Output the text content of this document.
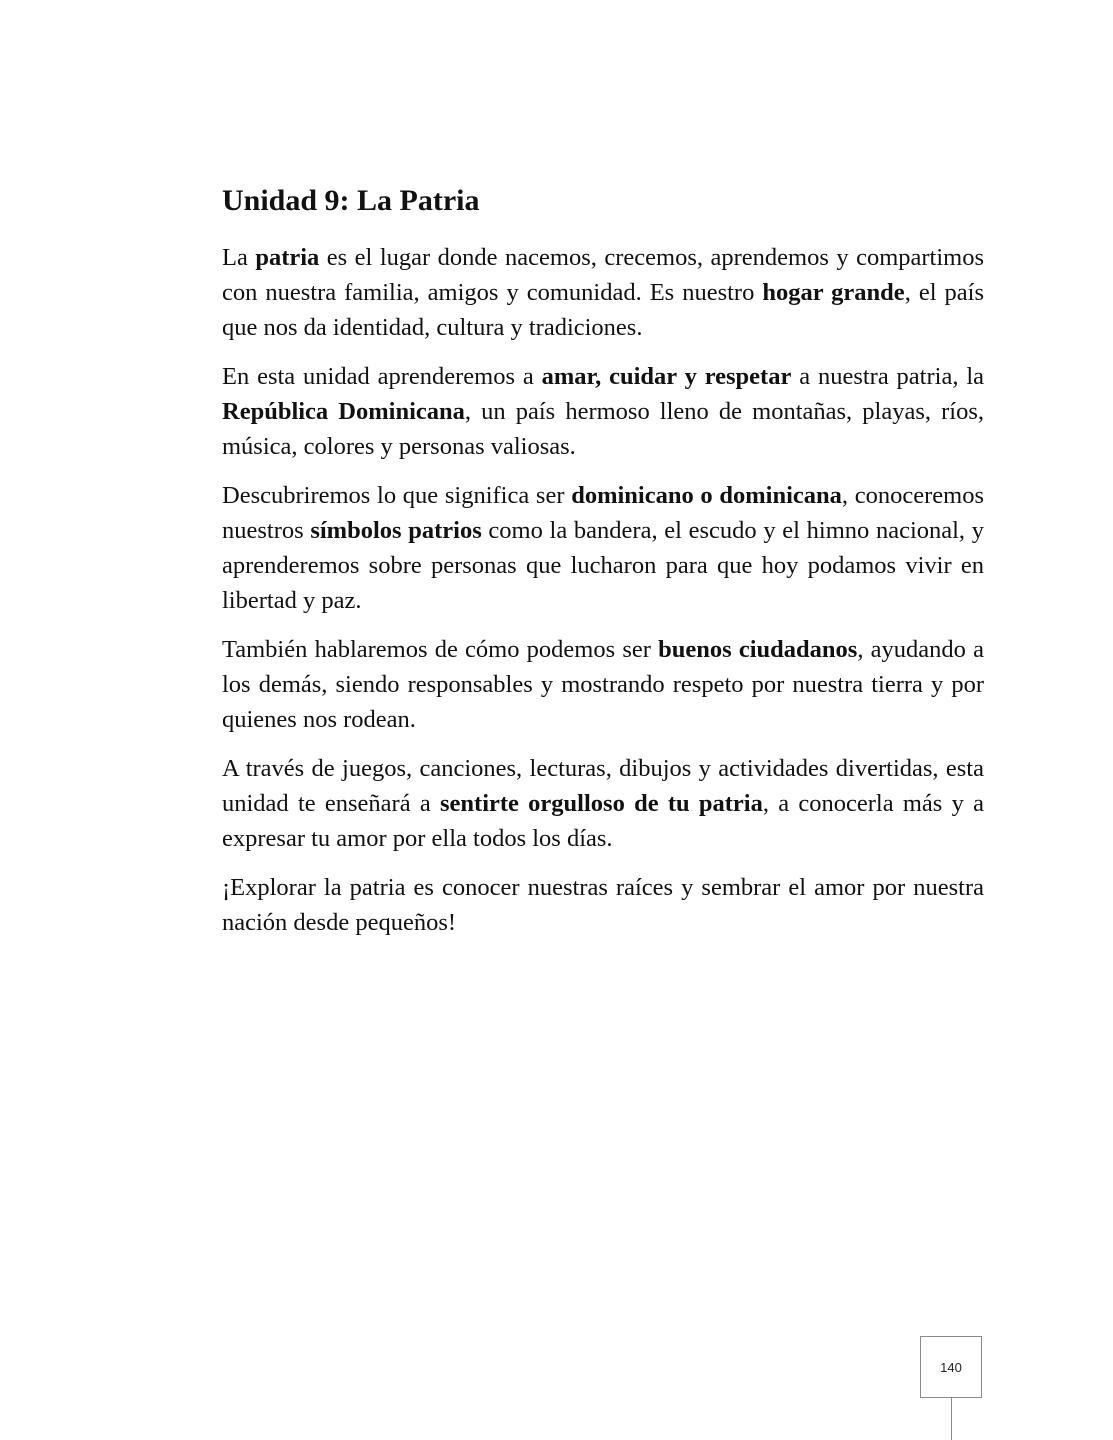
Unidad 9: La Patria

La patria es el lugar donde nacemos, crecemos, aprendemos y compartimos con nuestra familia, amigos y comunidad. Es nuestro hogar grande, el país que nos da identidad, cultura y tradiciones.

En esta unidad aprenderemos a amar, cuidar y respetar a nuestra patria, la República Dominicana, un país hermoso lleno de montañas, playas, ríos, música, colores y personas valiosas.

Descubriremos lo que significa ser dominicano o dominicana, conoceremos nuestros símbolos patrios como la bandera, el escudo y el himno nacional, y aprenderemos sobre personas que lucharon para que hoy podamos vivir en libertad y paz.

También hablaremos de cómo podemos ser buenos ciudadanos, ayudando a los demás, siendo responsables y mostrando respeto por nuestra tierra y por quienes nos rodean.

A través de juegos, canciones, lecturas, dibujos y actividades divertidas, esta unidad te enseñará a sentirte orgulloso de tu patria, a conocerla más y a expresar tu amor por ella todos los días.

¡Explorar la patria es conocer nuestras raíces y sembrar el amor por nuestra nación desde pequeños!

140
